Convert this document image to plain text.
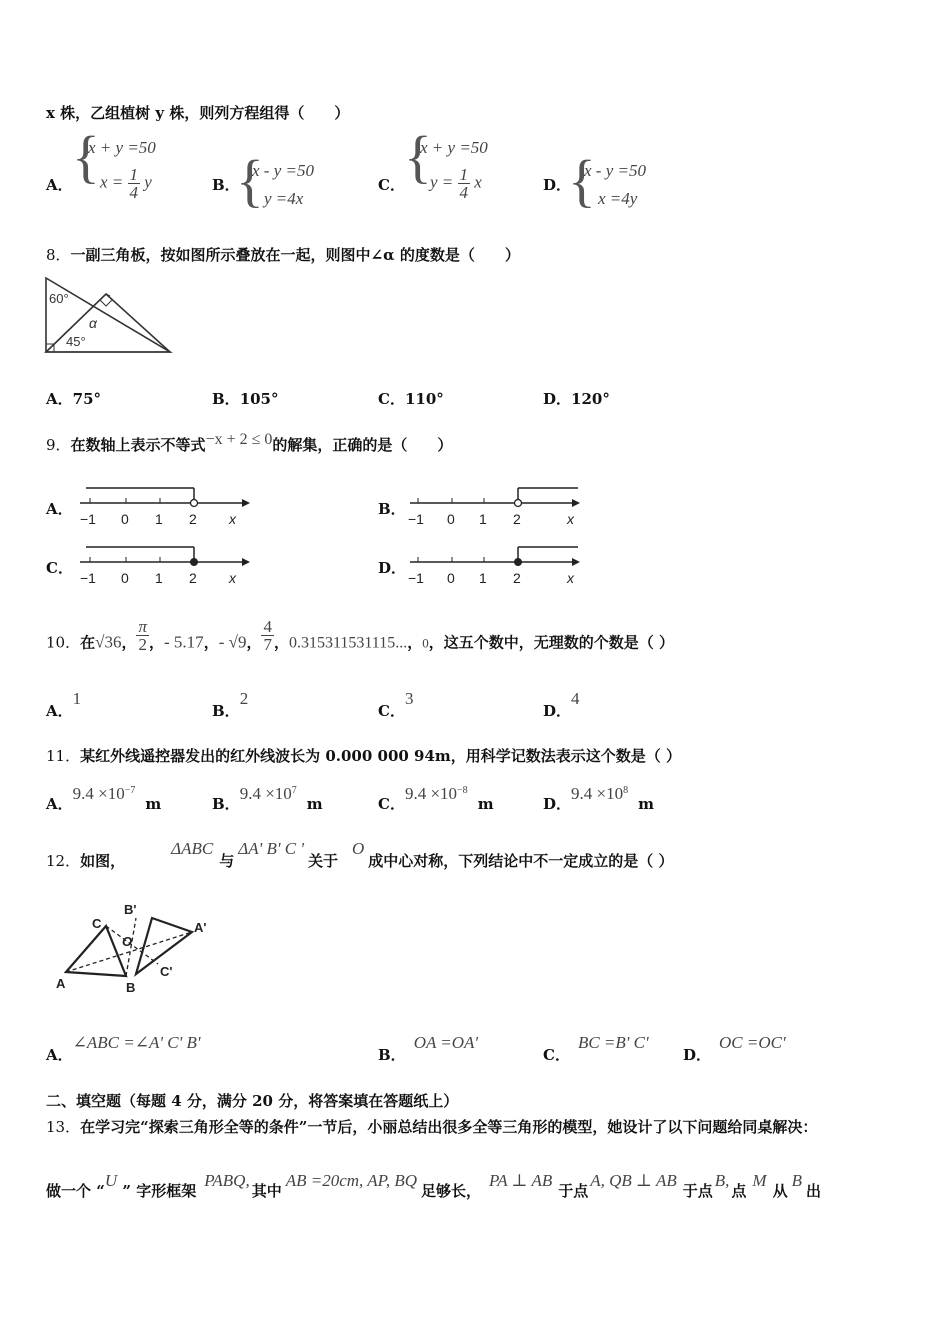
x 株，乙组植树 y 株，则列方程组得（　　）
A． {
x + y =50
$x = \frac{1}{4}$ y	B．
{
x - y =50
y =4x
C． {
x + y =50
$y = \frac{1}{4}$ x	D．
{
x - y =50
x =4y
8．一副三角板，按如图所示叠放在一起，则图中∠α 的度数是（　　）
60°
45°
α
A．75°	B．105°	C．110°	D．120°
9．在数轴上表示不等式−x + 2 ≤ 0的解集，正确的是（　　）
A．
−1 0 1 2 x
B．
−1 0 1 2	x
C．
−1 0 1 2 x
D．
−1 0 1 2	x
10．在√36， $\frac{\pi}{2}$ ，- 5.17，- √9， $\frac{4}{7}$ ，0.315311531115...，0，这五个数中，无理数的个数是（ ）
A．1
B．2
C．3
D．4
11．某红外线遥控器发出的红外线波长为 0.000 000 94m，用科学记数法表示这个数是（ ）
A．$9.4 \times 10^{-7}m$	B．$9.4 \times 10^7m$	C．$9.4 \times 10^{-8}m$	D．$9.4 \times 10^8m$
12．如图，ΔABC与ΔA' B' C '关于O成中心对称，下列结论中不一定成立的是（ ）
A	B
C
O
A'
B'
C'
A．∠ABC =∠A' C' B'
B．OA =OA'
C．BC =B' C'
D．OC =OC'
二、填空题（每题 4 分，满分 20 分，将答案填在答题纸上）
13．在学习完“探索三角形全等的条件”一节后，小丽总结出很多全等三角形的模型，她设计了以下问题给同桌解决：
做一个 “U ” 字形框架PABQ,其中AB =20cm, AP, BQ足够长，PA ⊥ AB于点A, QB ⊥ AB于点B,点M从B出
